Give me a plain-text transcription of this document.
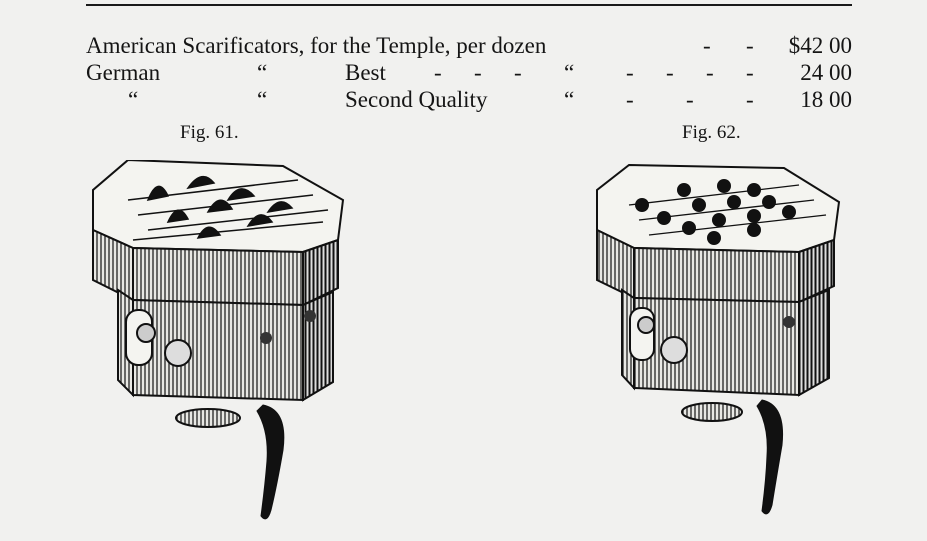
American Scarificators, for the Temple, per dozen	- - $42 00
German	“	Best - - - “ - - - - 24 00
“	“	Second Quality	“ - - - 18 00
Fig. 61.	Fig. 62.
